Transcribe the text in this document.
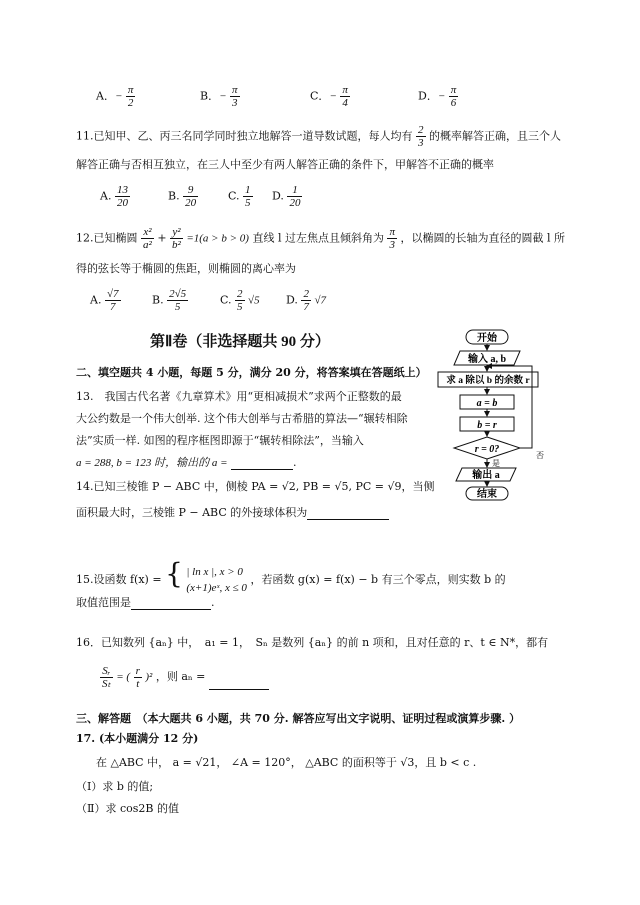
A．− $\frac{\pi}{2}$	B．− $\frac{\pi}{3}$	C．− $\frac{\pi}{4}$	D．− $\frac{\pi}{6}$
11.已知甲、乙、丙三名同学同时独立地解答一道导数试题，每人均有 $\frac{2}{3}$ 的概率解答正确，且三个人
解答正确与否相互独立，在三人中至少有两人解答正确的条件下，甲解答不正确的概率
A. $\frac{13}{20}$	B. $\frac{9}{20}$	C. $\frac{1}{5} D$. $\frac{1}{20}$
12.已知椭圆 $\frac{\text{x²}}{\text{a²}} + \frac{\text{y²}}{\text{b²}} =1(a > b > 0)$ 直线 l 过左焦点且倾斜角为 $\frac{\pi}{3}$ ，以椭圆的长轴为直径的圆截 l 所
得的弦长等于椭圆的焦距，则椭圆的离心率为
A. $\frac{√7}{7}$	B. $\frac{2√5}{5}$	C. $\frac{2}{5} √5$ D. $\frac{2}{7} √7$
第Ⅱ卷（非选择题共 90 分）
二、填空题共 4 小题，每题 5 分，满分 20 分，将答案填在答题纸上）
13.　我国古代名著《九章算术》用“更相减损术”求两个正整数的最
大公约数是一个伟大创举. 这个伟大创举与古希腊的算法—“辗转相除
法”实质一样. 如图的程序框图即源于“辗转相除法”，当输入
a = 288, b = 123 时，输出的 a =	.
开始
输入 a, b
求 a 除以 b 的余数 r
a = b
b = r
r = 0?
否
是
输出 a
结束
14.已知三棱锥 P − ABC 中，侧棱 PA = √2, PB = √5, PC = √9，当侧
面积最大时，三棱锥 P − ABC 的外接球体积为
15.设函数 f(x) = { | ln x |, x > 0
(x+1)eˣ, x ≤ 0
，若函数 g(x) = f(x) − b 有三个零点，则实数 b 的
取值范围是	.
16．已知数列 {aₙ} 中，　a₁ = 1，　Sₙ 是数列 {aₙ} 的前 n 项和，且对任意的 r、t ∈ N*，都有
$\frac{\text{Sᵣ}}{\text{Sₜ}}$ = ( $\frac{r}{t} )^2$ ，则 aₙ =
三、解答题　（本大题共 6 小题，共 70 分. 解答应写出文字说明、证明过程或演算步骤. ）
17. (本小题满分 12 分)
在 △ABC 中， a = √21， ∠A = 120°， △ABC 的面积等于 √3，且 b < c .
（Ⅰ）求 b 的值;
（Ⅱ）求 cos2B 的值
